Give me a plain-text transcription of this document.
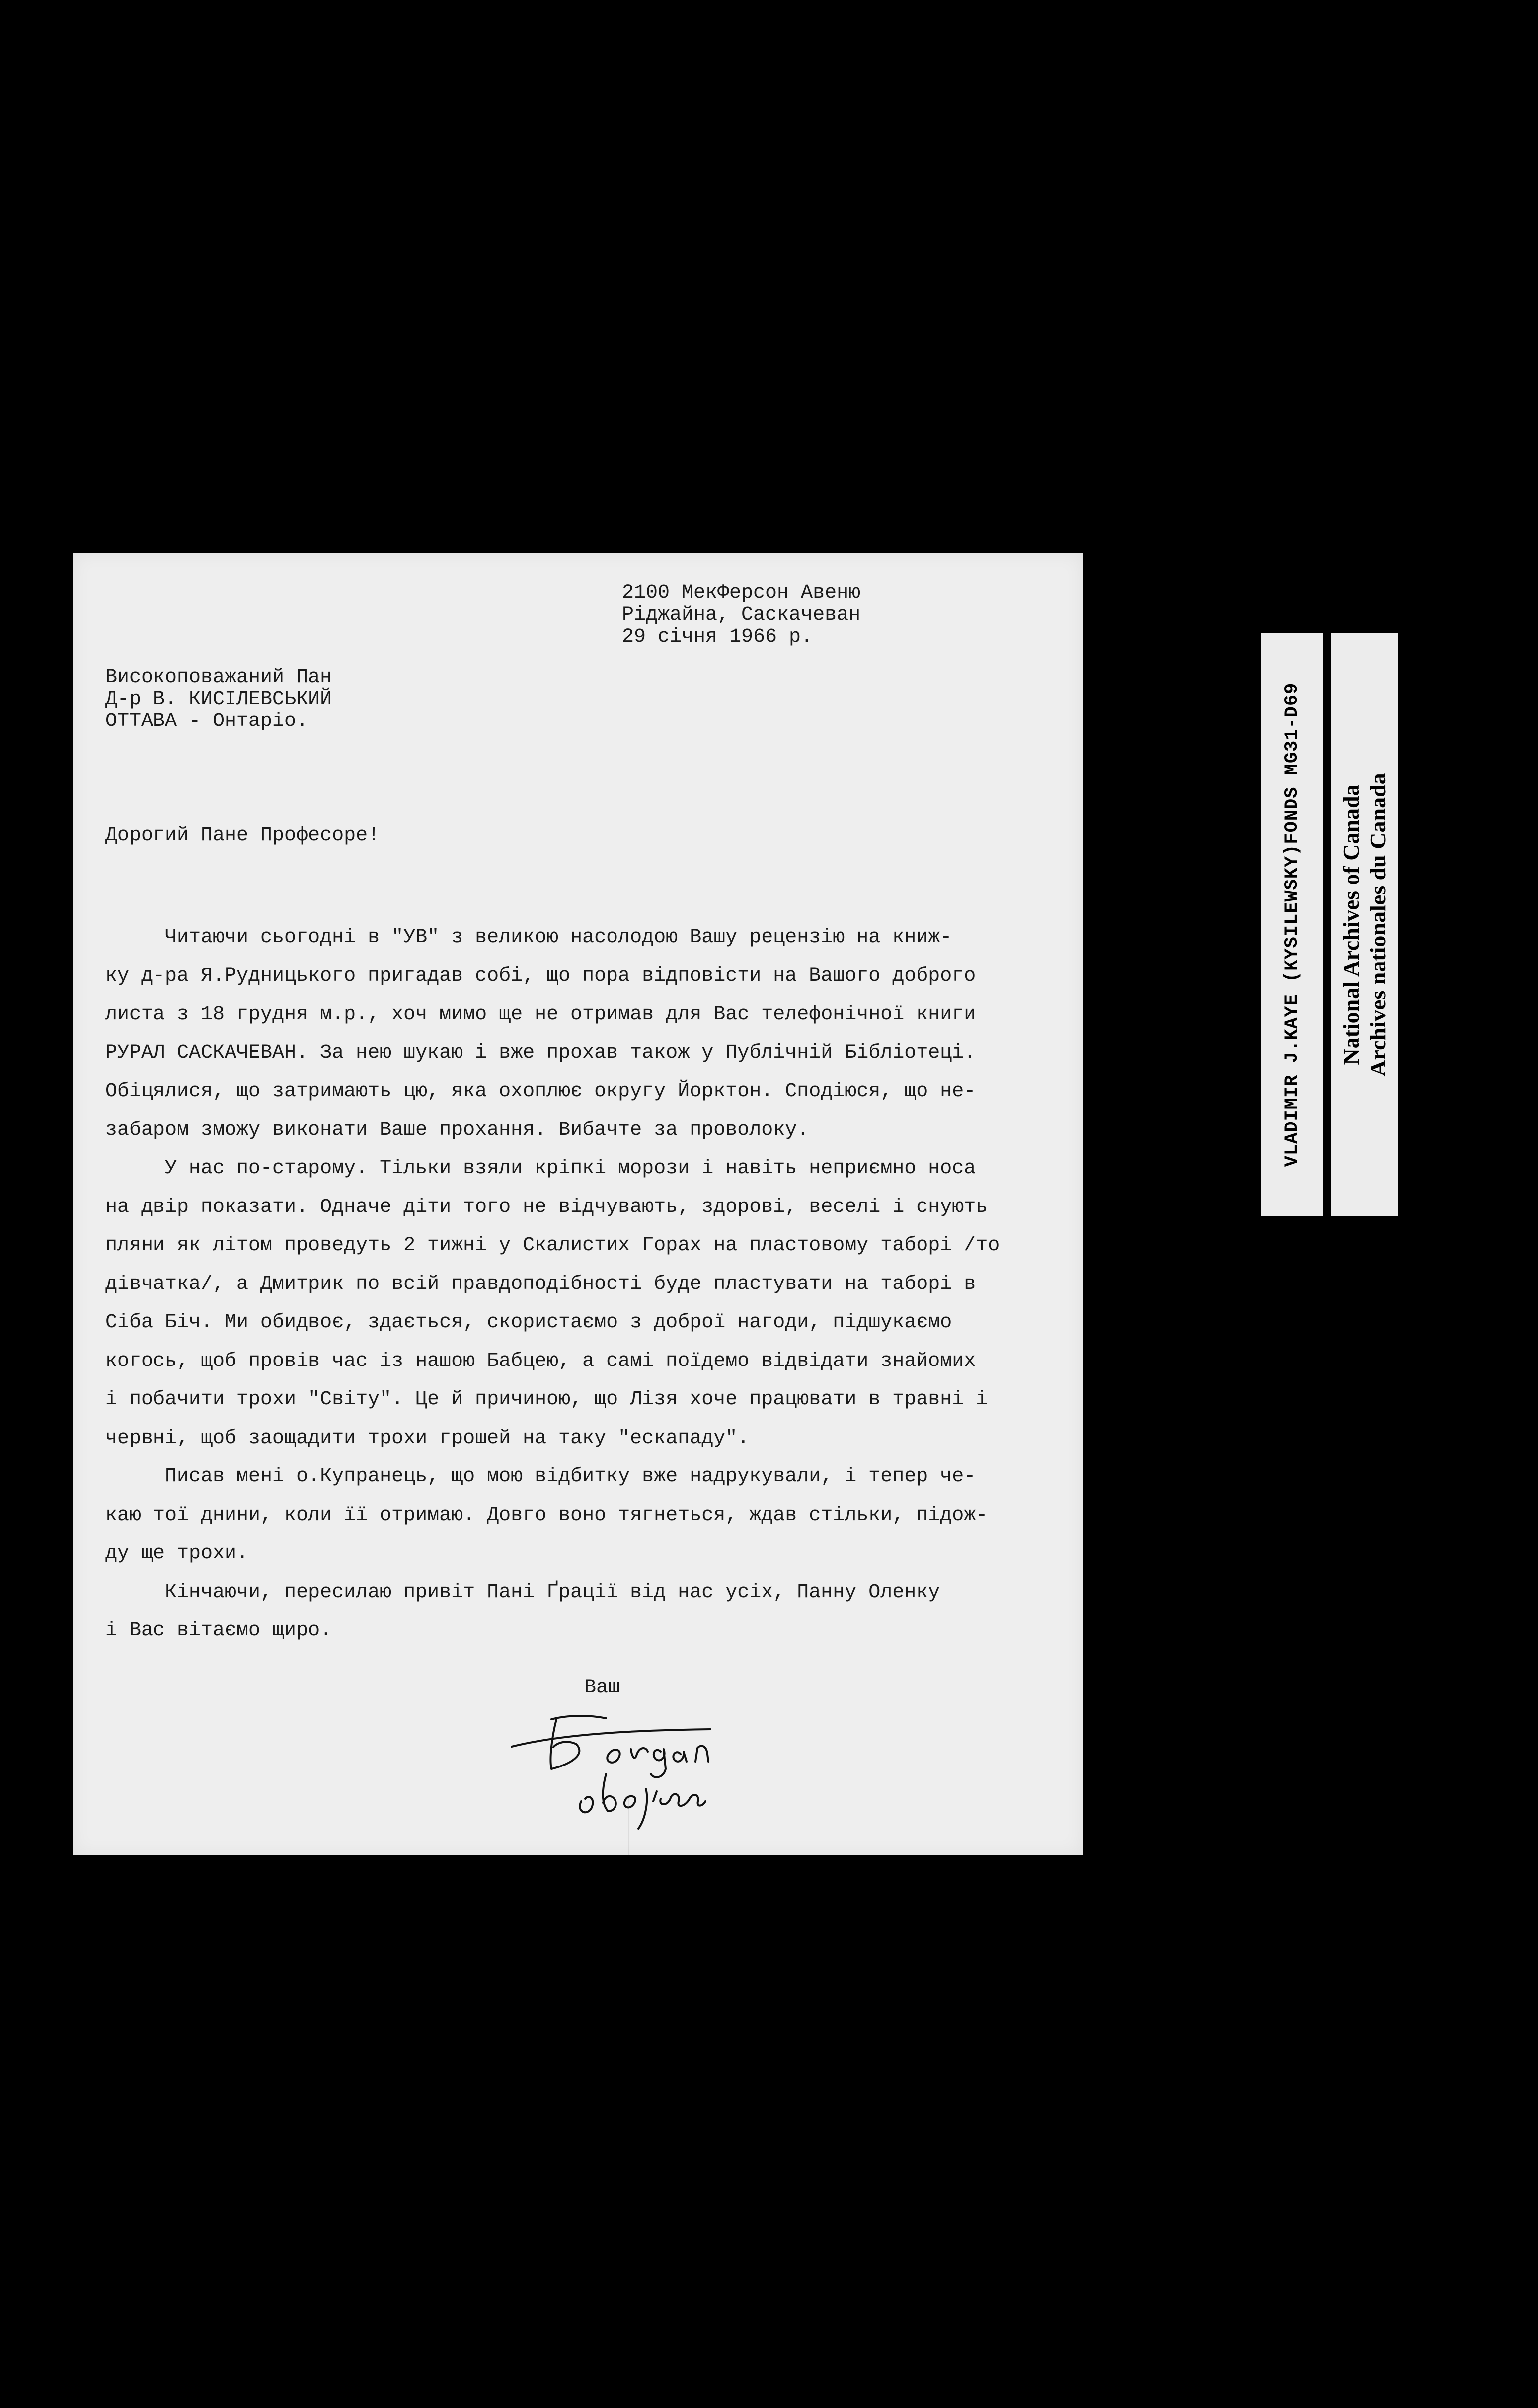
2100 МекФерсон Авеню
Ріджайна, Саскачеван
29 січня 1966 р.
Високоповажаний Пан
Д-р В. КИСІЛЕВСЬКИЙ
ОТТАВА - Онтаріо.
Дорогий Пане Професоре!
Читаючи сьогодні в "УВ" з великою насолодою Вашу рецензію на книж-
ку д-ра Я.Рудницького пригадав собі, що пора відповісти на Вашого доброго
листа з 18 грудня м.р., хоч мимо ще не отримав для Вас телефонічної книги
РУРАЛ САСКАЧЕВАН. За нею шукаю і вже прохав також у Публічній Бібліотеці.
Обіцялися, що затримають цю, яка охоплює округу Йорктон. Сподіюся, що не-
забаром зможу виконати Ваше прохання. Вибачте за проволоку.
У нас по-старому. Тільки взяли кріпкі морози і навіть неприємно носа
на двір показати. Одначе діти того не відчувають, здорові, веселі і снують
пляни як літом проведуть 2 тижні у Скалистих Горах на пластовому таборі /то
дівчатка/, а Дмитрик по всій правдоподібності буде пластувати на таборі в
Сіба Біч. Ми обидвоє, здається, скористаємо з доброї нагоди, підшукаємо
когось, щоб провів час із нашою Бабцею, а самі поїдемо відвідати знайомих
і побачити трохи "Світу". Це й причиною, що Лізя хоче працювати в травні і
червні, щоб заощадити трохи грошей на таку "ескападу".
Писав мені о.Купранець, що мою відбитку вже надрукували, і тепер че-
каю тої днини, коли її отримаю. Довго воно тягнеться, ждав стільки, підож-
ду ще трохи.
Кінчаючи, пересилаю привіт Пані Ґрації від нас усіх, Панну Оленку
і Вас вітаємо щиро.
Ваш
VLADIMIR J.KAYE (KYSILEWSKY)FONDS MG31-D69 National Archives of Canada Archives nationales du Canada
